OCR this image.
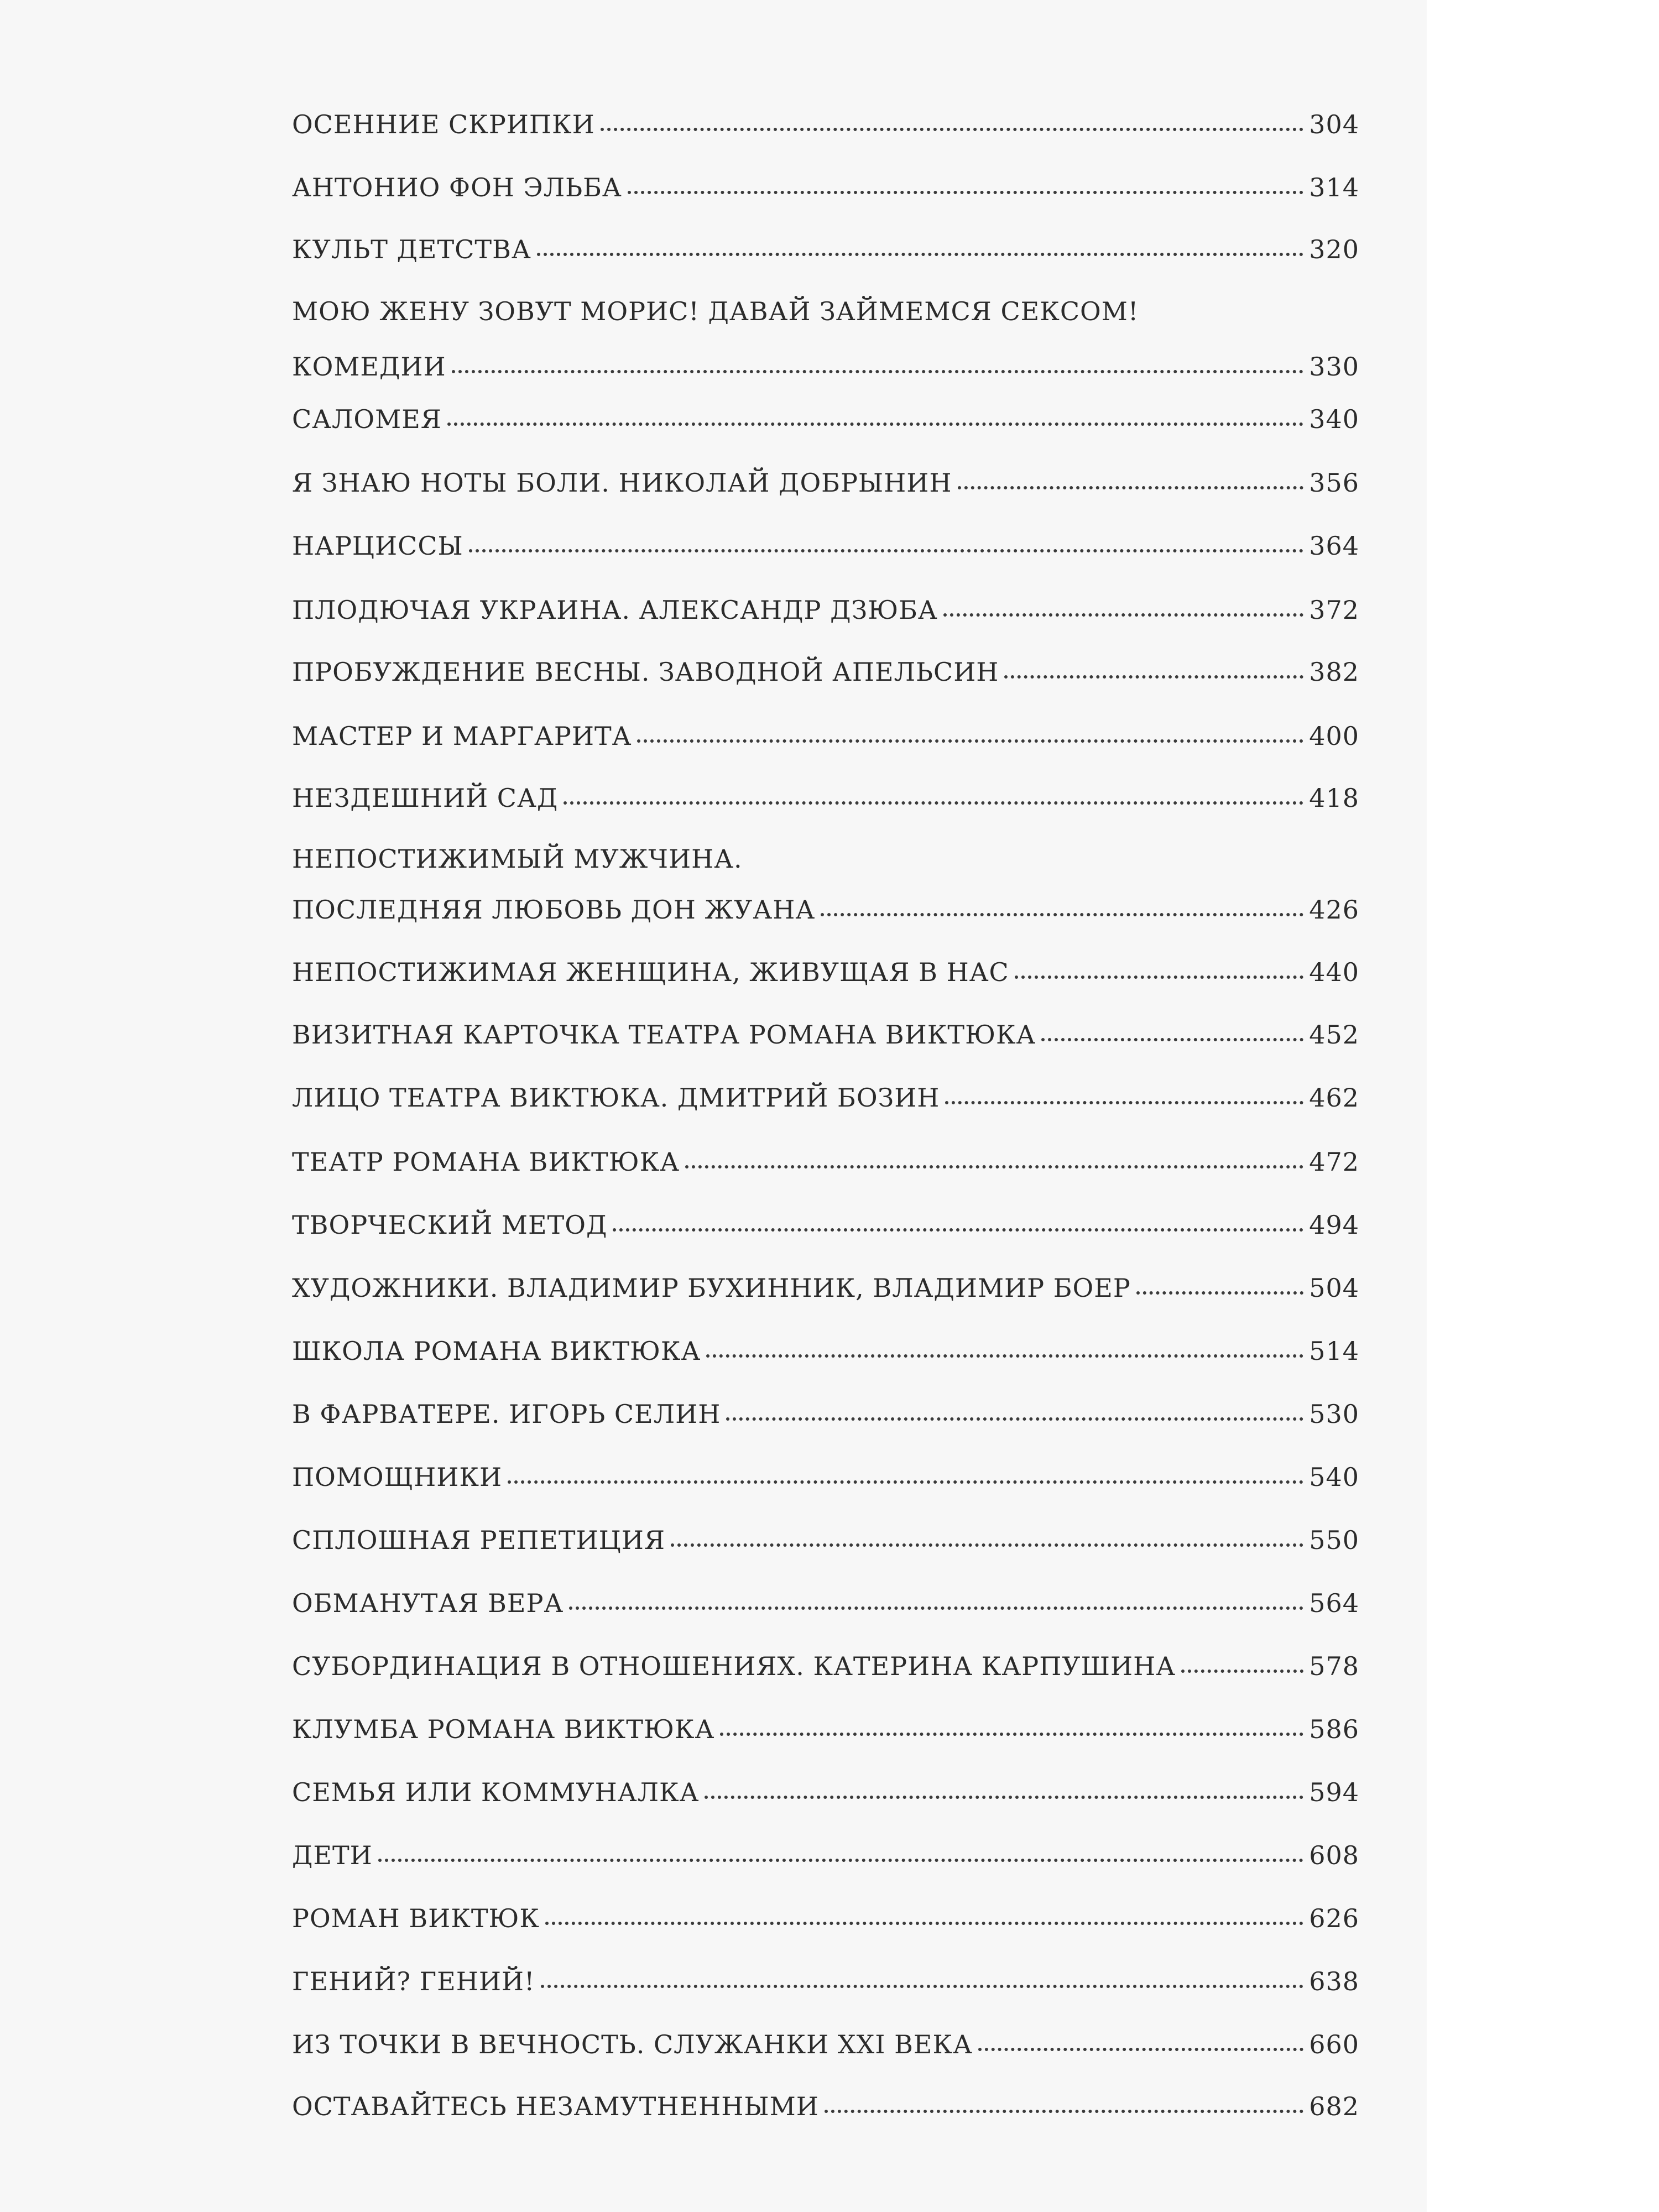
ОСЕННИЕ СКРИПКИ	304
АНТОНИО ФОН ЭЛЬБА	314
КУЛЬТ ДЕТСТВА	320
МОЮ ЖЕНУ ЗОВУТ МОРИС! ДАВАЙ ЗАЙМЕМСЯ СЕКСОМ!
КОМЕДИИ	330
САЛОМЕЯ	340
Я ЗНАЮ НОТЫ БОЛИ. НИКОЛАЙ ДОБРЫНИН	356
НАРЦИССЫ	364
ПЛОДЮЧАЯ УКРАИНА. АЛЕКСАНДР ДЗЮБА	372
ПРОБУЖДЕНИЕ ВЕСНЫ. ЗАВОДНОЙ АПЕЛЬСИН	382
МАСТЕР И МАРГАРИТА	400
НЕЗДЕШНИЙ САД	418
НЕПОСТИЖИМЫЙ МУЖЧИНА.
ПОСЛЕДНЯЯ ЛЮБОВЬ ДОН ЖУАНА	426
НЕПОСТИЖИМАЯ ЖЕНЩИНА, ЖИВУЩАЯ В НАС	440
ВИЗИТНАЯ КАРТОЧКА ТЕАТРА РОМАНА ВИКТЮКА	452
ЛИЦО ТЕАТРА ВИКТЮКА. ДМИТРИЙ БОЗИН	462
ТЕАТР РОМАНА ВИКТЮКА	472
ТВОРЧЕСКИЙ МЕТОД	494
ХУДОЖНИКИ. ВЛАДИМИР БУХИННИК, ВЛАДИМИР БОЕР	504
ШКОЛА РОМАНА ВИКТЮКА	514
В ФАРВАТЕРЕ. ИГОРЬ СЕЛИН	530
ПОМОЩНИКИ	540
СПЛОШНАЯ РЕПЕТИЦИЯ	550
ОБМАНУТАЯ ВЕРА	564
СУБОРДИНАЦИЯ В ОТНОШЕНИЯХ. КАТЕРИНА КАРПУШИНА	578
КЛУМБА РОМАНА ВИКТЮКА	586
СЕМЬЯ ИЛИ КОММУНАЛКА	594
ДЕТИ	608
РОМАН ВИКТЮК	626
ГЕНИЙ? ГЕНИЙ!	638
ИЗ ТОЧКИ В ВЕЧНОСТЬ. СЛУЖАНКИ XXI ВЕКА	660
ОСТАВАЙТЕСЬ НЕЗАМУТНЕННЫМИ	682
